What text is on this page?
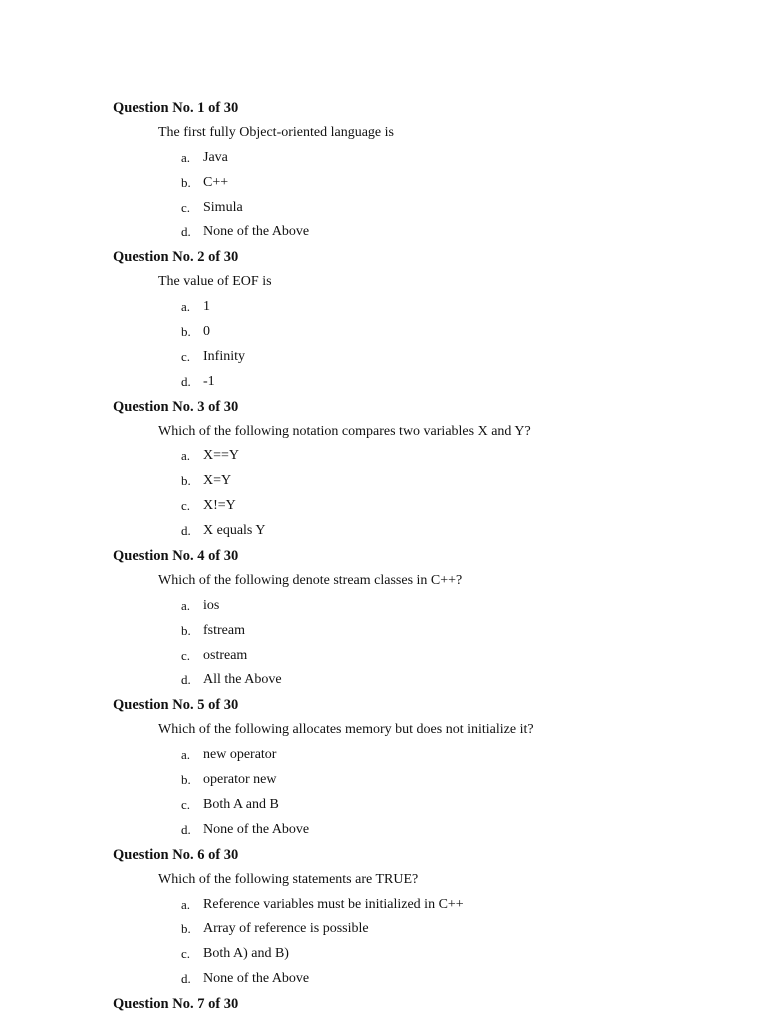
Question No. 1 of 30
The first fully Object-oriented language is
a. Java
b. C++
c. Simula
d. None of the Above
Question No. 2 of 30
The value of EOF is
a. 1
b. 0
c. Infinity
d. -1
Question No. 3 of 30
Which of the following notation compares two variables X and Y?
a. X==Y
b. X=Y
c. X!=Y
d. X equals Y
Question No. 4 of 30
Which of the following denote stream classes in C++?
a. ios
b. fstream
c. ostream
d. All the Above
Question No. 5 of 30
Which of the following allocates memory but does not initialize it?
a. new operator
b. operator new
c. Both A and B
d. None of the Above
Question No. 6 of 30
Which of the following statements are TRUE?
a. Reference variables must be initialized in C++
b. Array of reference is possible
c. Both A) and B)
d. None of the Above
Question No. 7 of 30
